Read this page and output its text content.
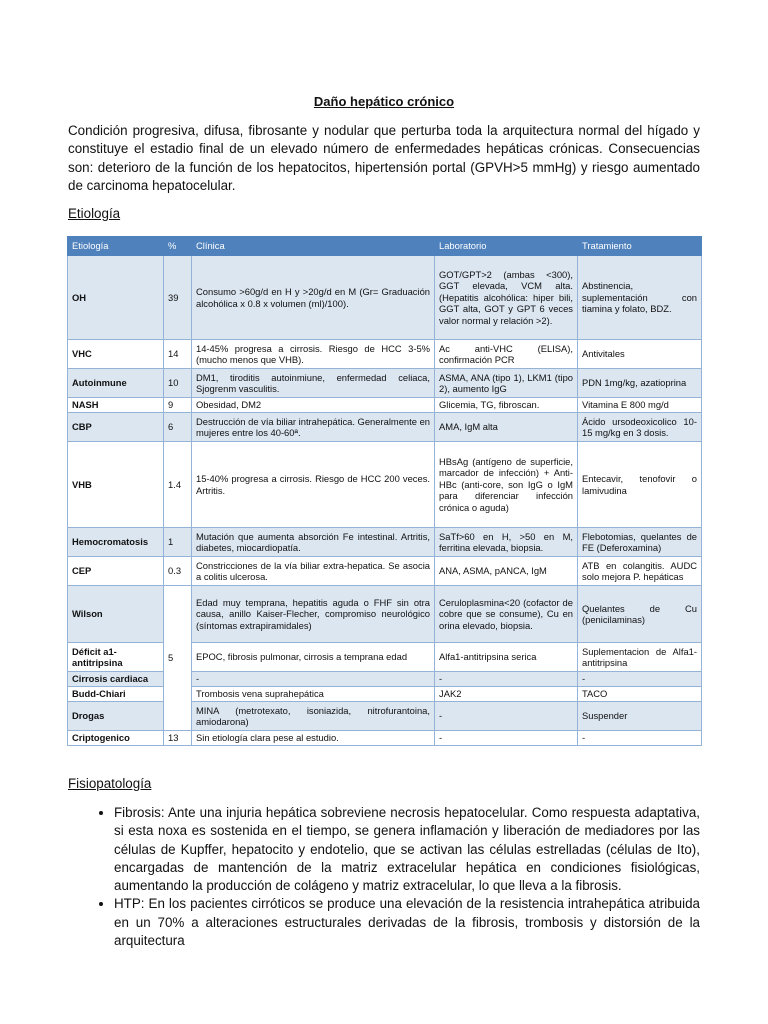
Daño hepático crónico

Condición progresiva, difusa, fibrosante y nodular que perturba toda la arquitectura normal del hígado y constituye el estadio final de un elevado número de enfermedades hepáticas crónicas. Consecuencias son: deterioro de la función de los hepatocitos, hipertensión portal (GPVH>5 mmHg) y riesgo aumentado de carcinoma hepatocelular.

Etiología

Etiología	%	Clínica	Laboratorio	Tratamiento
OH	39	Consumo >60g/d en H y >20g/d en M (Gr= Graduación alcohólica x 0.8 x volumen (ml)/100).	GOT/GPT>2 (ambas <300), GGT elevada, VCM alta. (Hepatitis alcohólica: hiper bili, GGT alta, GOT y GPT 6 veces valor normal y relación >2).	Abstinencia, suplementación con tiamina y folato, BDZ.
VHC	14	14-45% progresa a cirrosis. Riesgo de HCC 3-5% (mucho menos que VHB).	Ac anti-VHC (ELISA), confirmación PCR	Antivitales
Autoinmune	10	DM1, tiroditis autoinmiune, enfermedad celiaca, Sjogrenm vasculitis.	ASMA, ANA (tipo 1), LKM1 (tipo 2), aumento IgG	PDN 1mg/kg, azatioprina
NASH	9	Obesidad, DM2	Glicemia, TG, fibroscan.	Vitamina E 800 mg/d
CBP	6	Destrucción de vía biliar intrahepática. Generalmente en mujeres entre los 40-60ª.	AMA, IgM alta	Ácido ursodeoxicolico 10-15 mg/kg en 3 dosis.
VHB	1.4	15-40% progresa a cirrosis. Riesgo de HCC 200 veces. Artritis.	HBsAg (antígeno de superficie, marcador de infección) + Anti-HBc (anti-core, son IgG o IgM para diferenciar infección crónica o aguda)	Entecavir, tenofovir o lamivudina
Hemocromatosis	1	Mutación que aumenta absorción Fe intestinal. Artritis, diabetes, miocardiopatía.	SaTf>60 en H, >50 en M, ferritina elevada, biopsia.	Flebotomias, quelantes de FE (Deferoxamina)
CEP	0.3	Constricciones de la vía biliar extra-hepatica. Se asocia a colitis ulcerosa.	ANA, ASMA, pANCA, IgM	ATB en colangitis. AUDC solo mejora P. hepáticas
Wilson	5	Edad muy temprana, hepatitis aguda o FHF sin otra causa, anillo Kaiser-Flecher, compromiso neurológico (síntomas extrapiramidales)	Ceruloplasmina<20 (cofactor de cobre que se consume), Cu en orina elevado, biopsia.	Quelantes de Cu (penicilaminas)
Déficit a1-antitripsina		EPOC, fibrosis pulmonar, cirrosis a temprana edad	Alfa1-antitripsina serica	Suplementacion de Alfa1-antitripsina
Cirrosis cardiaca		-	-	-
Budd-Chiari		Trombosis vena suprahepática	JAK2	TACO
Drogas		MINA (metrotexato, isoniazida, nitrofurantoina, amiodarona)	-	Suspender
Criptogenico	13	Sin etiología clara pese al estudio.	-	-

Fisiopatología

• Fibrosis: Ante una injuria hepática sobreviene necrosis hepatocelular. Como respuesta adaptativa, si esta noxa es sostenida en el tiempo, se genera inflamación y liberación de mediadores por las células de Kupffer, hepatocito y endotelio, que se activan las células estrelladas (células de Ito), encargadas de mantención de la matriz extracelular hepática en condiciones fisiológicas, aumentando la producción de colágeno y matriz extracelular, lo que lleva a la fibrosis.
• HTP: En los pacientes cirróticos se produce una elevación de la resistencia intrahepática atribuida en un 70% a alteraciones estructurales derivadas de la fibrosis, trombosis y distorsión de la arquitectura
